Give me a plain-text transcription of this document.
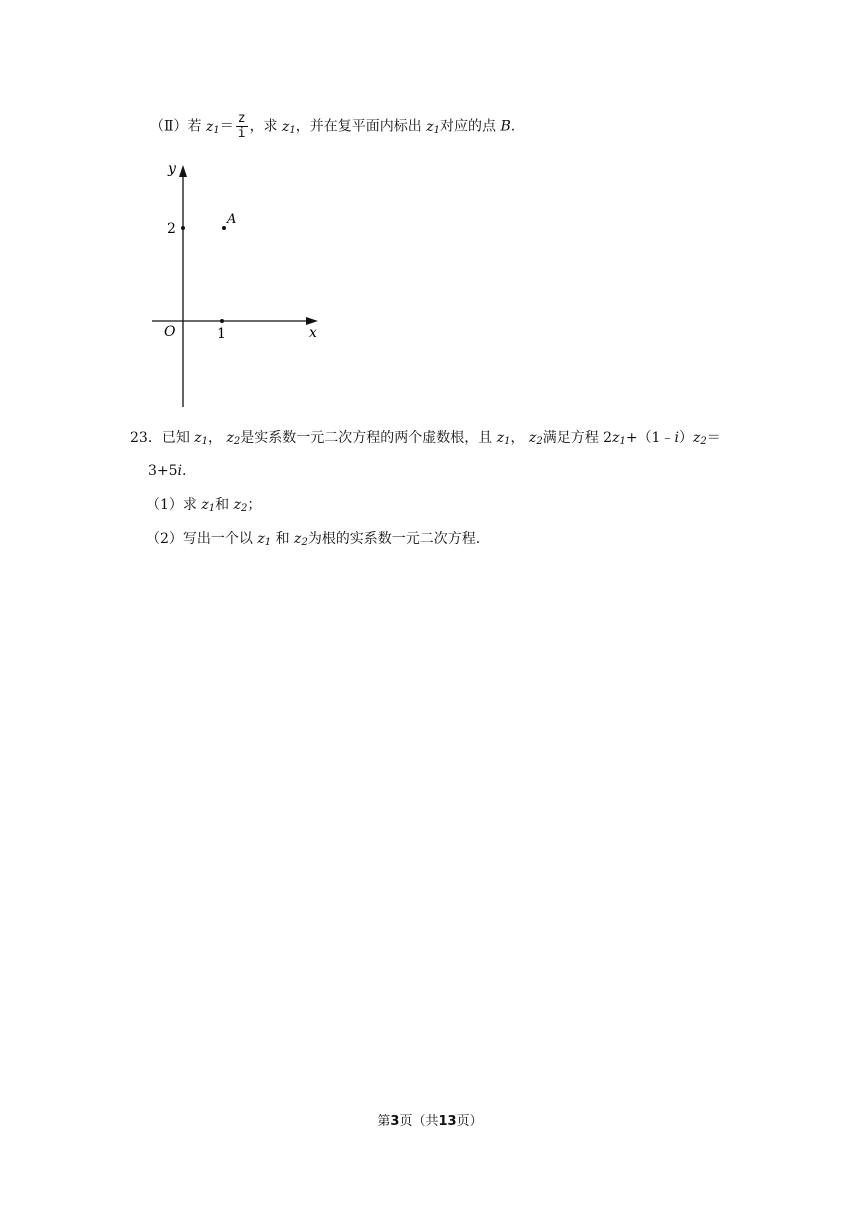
（Ⅱ）若 $z_1= \frac{z}{i}$ ，求 $z_1$，并在复平面内标出 $z_1$对应的点 B.
y
x
O
2
1
A
23．已知 $z_1$， $z_2$是实系数一元二次方程的两个虚数根，且 $z_1$， $z_2$满足方程 $2z_1+(1﹣i)z_2=$
3+5i.
（1）求 $z_1$和 $z_2$；
（2）写出一个以 $z_1$ 和 $z_2$为根的实系数一元二次方程.
第3页（共13页）
